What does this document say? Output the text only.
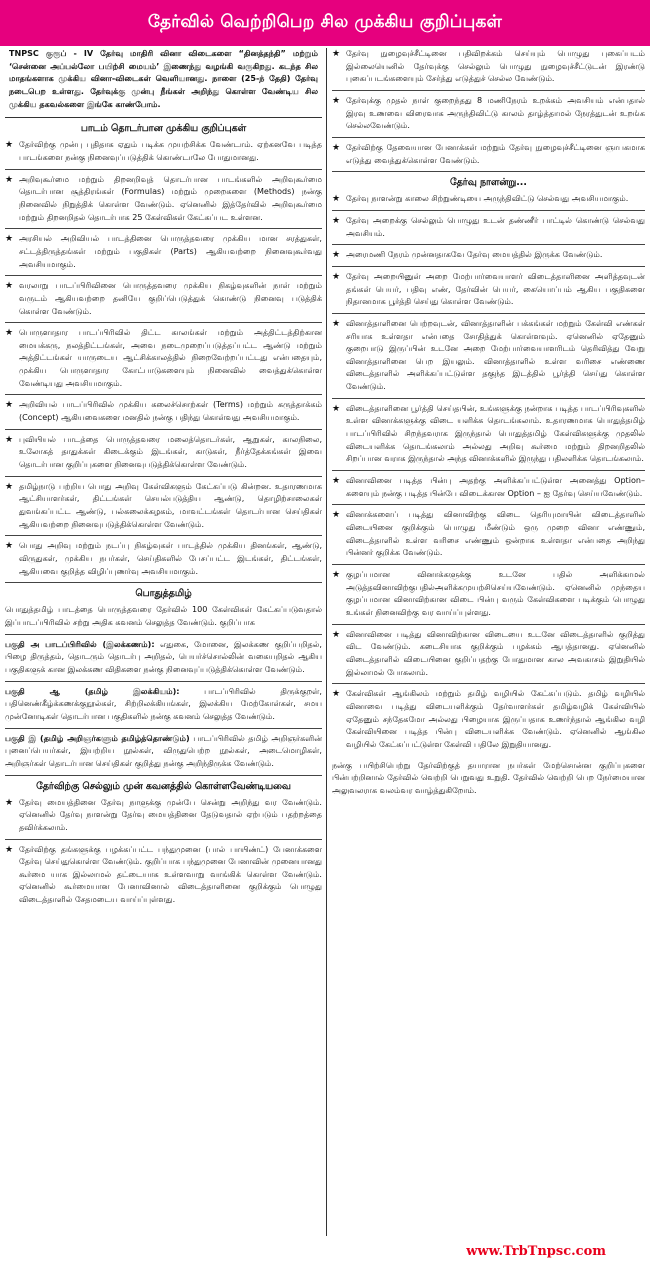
தேர்வில் வெற்றிபெற சில முக்கிய குறிப்புகள்
TNPSC குரூப் - IV தேர்வு மாதிரி வினா விடைகளை “தினத்தந்தி” மற்றும் ‘சென்னை அப்பல்லோ பயிற்சி மையம்’ இணைந்து வழங்கி வருகிறது. கடந்த சில மாதங்களாக முக்கிய வினா-விடைகள் வெளியானது. நாளை (25-ந் தேதி) தேர்வு நடைபெற உள்ளது. தேர்வுக்கு முன்பு நீங்கள் அறிந்து கொள்ள வேண்டிய சில முக்கிய தகவல்களை இங்கே காண்போம்.
பாடம் தொடர்பான முக்கிய குறிப்புகள்
★ தேர்விற்கு முன்பு புதிதாக ஏதும் படிக்க முயற்சிக்க வேண்டாம். ஏற்கனவே படித்த பாடங்களை நன்கு நினைவுப்படுத்திக் கொண்டாலே போதுமானது.
★ அறிவுகூர்மை மற்றும் திறனறிவுத் தொடர்பான பாடங்களில் அறிவுகூர்மை தொடர்பான சூத்திரங்கள் (Formulas) மற்றும் முறைகளை (Methods) நன்கு நினைவில் நிறுத்திக் கொள்ள வேண்டும். ஏனெனில் இத்தேர்வில் அறிவுகூர்மை மற்றும் திறனறிதல் தொடர்பாக 25 கேள்விகள் கேட்கப்பட உள்ளன.
★ அரசியல் அறிவியல் பாடத்தினை பொருத்தவரை முக்கிய மான சரத்துகள், சட்டத்திருத்தங்கள் மற்றும் பகுதிகள் (Parts) ஆகியவற்றை நினைவுகூர்வது அவசியமாகும்.
★ வரலாறு பாடப்பிரிவினை பொருத்தவரை முக்கிய நிகழ்வுகளின் நாள் மற்றும் வருடம் ஆகியவற்றை தனியே குறிப்பெடுத்துக் கொண்டு நினைவு படுத்திக் கொள்ள வேண்டும்.
★ பொருளாதார பாடப்பிரிவில் திட்ட காலங்கள் மற்றும் அத்திட்டத்திற்கான மையக்கரு, நலத்திட்டங்கள், அவை நடைமுறைப்படுத்தப்பட்ட ஆண்டு மற்றும் அத்திட்டங்கள் யாருடைய ஆட்சிக்காலத்தில் நிறைவேற்றப்பட்டது என்பதையும், முக்கிய பொருளாதார கோட்பாடுகளையும் நினைவில் வைத்துக்கொள்ள வேண்டியது அவசியமாகும்.
★ அறிவியல் பாடப்பிரிவில் முக்கிய கலைச்சொற்கள் (Terms) மற்றும் கருத்தாக்கம் (Concept) ஆகியவைகளை மனதில் நன்கு பதிந்து கொள்வது அவசியமாகும்.
★ புவியியல் பாடத்தை பொருத்தவரை மலைத்தொடர்கள், ஆறுகள், காலநிலை, உலோகத் தாதுக்கள் கிடைக்கும் இடங்கள், காடுகள், நீர்த்தேக்கங்கள் இவை தொடர்பான குறிப்புகளை நினைவுபடுத்திக்கொள்ள வேண்டும்.
★ தமிழ்நாடு பற்றிய பொது அறிவு கேள்விகளும் கேட்கப்படு கின்றன. உதாரணமாக ஆட்சியாளர்கள், திட்டங்கள் செயல்படுத்திய ஆண்டு, தொழிற்சாலைகள் துவங்கப்பட்ட ஆண்டு, பல்கலைக்கழகம், மாவட்டங்கள் தொடர்பான செய்திகள் ஆகியவற்றை நினைவுபடுத்திக்கொள்ள வேண்டும்.
★ பொது அறிவு மற்றும் நடப்பு நிகழ்வுகள் பாடத்தில் முக்கிய தினங்கள், ஆண்டு, விருதுகள், முக்கிய நபர்கள், செய்திகளில் பேசப்பட்ட இடங்கள், திட்டங்கள், ஆகியவை குறித்த விழிப்புணர்வு அவசியமாகும்.
பொதுத்தமிழ்
பொதுத்தமிழ் பாடத்தை பொருத்தவரை தேர்வில் 100 கேள்விகள் கேட்கப்படுவதால் இப்பாடப்பிரிவில் சற்று அதிக கவனம் செலுத்த வேண்டும். குறிப்பாக
பகுதி அ பாடப்பிரிவில் (இலக்கணம்): எதுகை, மோனை, இலக்கண குறிப்பறிதல், பிழை திருத்தம், தொடரும் தொடர்பு அறிதல், பெயர்ச்சொல்லின் வகையறிதல் ஆகிய பகுதிகளுக் கான இலக்கண விதிகளை நன்கு நினைவுப்படுத்திக்கொள்ள வேண்டும்.
பகுதி ஆ (தமிழ் இலக்கியம்):	பாடப்பிரிவில் திருக்குறள், பதினெண்கீழ்க்கணக்குநூல்கள், சிற்றிலக்கியங்கள், இலக்கிய மேற்கோள்கள், சமய முன்னோடிகள் தொடர்பான பகுதிகளில் நன்கு கவனம் செலுத்த வேண்டும்.
பகுதி இ (தமிழ் அறிஞர்களும் தமிழ்த்தொண்டும்) பாடப்பிரிவில் தமிழ் அறிஞர்களின் புனைப்பெயர்கள், இயற்றிய நூல்கள், விருதுபெற்ற நூல்கள், அடைமொழிகள், அறிஞர்கள் தொடர்பான செய்திகள் குறித்து நன்கு அறிந்திருக்க வேண்டும்.
தேர்விற்கு செல்லும் முன் கவனத்தில் கொள்ளவேண்டியவை
★ தேர்வு மையத்தினை தேர்வு நாளுக்கு முன்பே சென்று அறிந்து வர வேண்டும். ஏனெனில் தேர்வு நாளன்று தேர்வு மையத்தினை தேடுவதால் ஏற்படும் பதற்றத்தை தவிர்க்கலாம்.
★ தேர்விற்கு தங்களுக்கு பழக்கப்பட்ட பந்துமுனை (பால் பாயிண்ட்) பேனாக்களை தேர்வு செய்துகொள்ள வேண்டும். குறிப்பாக பந்துமுனை பேனாவின் முனையானது கூர்மை யாக இல்லாமல் தட்டையாக உள்ளவாறு வாங்கிக் கொள்ள வேண்டும். ஏனெனில் கூர்மையான பேனாவினால் விடைத்தாளினை குறிக்கும் பொழுது விடைத்தாளில் சேதமடைய வாய்ப்புள்ளது.
★ தேர்வு நுழைவுச்சீட்டினை பதிவிறக்கம் செய்யும் பொழுது புகைப்படம் இல்லையெனில் தேர்வுக்கு செல்லும் பொழுது நுழைவுச்சீட்டுடன் இரண்டு புகைப்படங்களையும் சேர்த்து எடுத்துச் செல்ல வேண்டும்.
★ தேர்வுக்கு முதல் நாள் குறைந்தது 8 மணிநேரம் உறக்கம் அவசியம் என்பதால் இரவு உணவை விரைவாக அருந்திவிட்டு காலம் தாழ்த்தாமல் நேரத்துடன் உறங்க செல்லவேண்டும்.
★ தேர்விற்கு தேவையான பேனாக்கள் மற்றும் தேர்வு நுழைவுச்சீட்டினை ஞாபகமாக எடுத்து வைத்துக்கொள்ள வேண்டும்.
தேர்வு நாளன்று...
★ தேர்வு நாளன்று காலை சிற்றுண்டியை அருந்திவிட்டு செல்வது அவசியமாகும்.
★ தேர்வு அறைக்கு செல்லும் பொழுது உடன் தண்ணீர் பாட்டில் கொண்டு செல்வது அவசியம்.
★ அரைமணி நேரம் முன்னதாகவே தேர்வு மையத்தில் இருக்க வேண்டும்.
★ தேர்வு அறையினுள் அறை மேற்பார்வையாளர் விடைத்தாளினை அளித்தவுடன் தங்கள் பெயர், பதிவு எண், தேர்வின் பெயர், கையொப்பம் ஆகிய பகுதிகளை நிதானமாக பூர்த்தி செய்து கொள்ள வேண்டும்.
★ வினாத்தாளினை பெற்றவுடன், வினாத்தாளின் பக்கங்கள் மற்றும் கேள்வி எண்கள் சரியாக உள்ளதா என்பதை சோதித்துக் கொள்ளவும். ஏனெனில் ஏதேனும் குறைபாடு இருப்பின் உடனே அறை மேற்பார்வையாளரிடம் தெரிவித்து வேறு வினாத்தாளினை பெற இயலும். வினாத்தாளில் உள்ள வரிசை எண்ணை விடைத்தாளில் அளிக்கப்பட்டுள்ள தகுந்த இடத்தில் பூர்த்தி செய்து கொள்ள வேண்டும்.
★ விடைத்தாளினை பூர்த்தி செய்தபின், உங்களுக்கு நன்றாக படித்த பாடப்பிரிவுகளில் உள்ள வினாக்களுக்கு விடை யளிக்க தொடங்கலாம். உதாரணமாக பொதுத்தமிழ் பாடப்பிரிவில் சிறந்தவராக இருந்தால் பொதுத்தமிழ் கேள்விகளுக்கு முதலில் விடையளிக்க தொடங்கலாம் அல்லது அறிவு கூர்மை மற்றும் திறனறிதலில் சிறப்பான வராக இருந்தால் அந்த வினாக்களில் இருந்து பதிலளிக்க தொடங்கலாம்.
★ வினாவினை படித்த பின்பு அதற்கு அளிக்கப்பட்டுள்ள அனைத்து Option–களையும் நன்கு படித்த பின்பே விடைக்கான Option – ஐ தேர்வு செய்யவேண்டும்.
★ வினாக்களைப் படித்து வினாவிற்கு விடை தெரியுமாயின் விடைத்தாளில் விடையினை குறிக்கும் பொழுது மீண்டும் ஒரு முறை வினா எண்ணும், விடைத்தாளில் உள்ள வரிசை எண்ணும் ஒன்றாக உள்ளதா என்பதை அறிந்து பின்னர் குறிக்க வேண்டும்.
★ குழப்பமான வினாக்களுக்கு உடனே பதில் அளிக்காமல் அடுத்தவினாவிற்குபதில்அளிக்கமுயற்சிசெய்யவேண்டும். ஏனெனில் முந்தைய குழப்பமான வினாவிற்கான விடை பின்பு வரும் கேள்விகளை படிக்கும் பொழுது உங்கள் நினைவிற்கு வர வாய்ப்புள்ளது.
★ வினாவினை படித்து வினாவிற்கான விடையை உடனே விடைத்தாளில் குறித்து விட வேண்டும். கடைசியாக குறிக்கும் பழக்கம் ஆபத்தானது. ஏனெனில் விடைத்தாளில் விடையினை குறிப்பதற்கு போதுமான கால அவகாசம் இறுதியில் இல்லாமல் போகலாம்.
★ கேள்விகள் ஆங்கிலம் மற்றும் தமிழ் வழியில் கேட்கப்படும். தமிழ் வழியில் வினாவை படித்து விடையளிக்கும் தேர்வாளர்கள் தமிழ்வழிக் கேள்வியில் ஏதேனும் சந்தேகமோ அல்லது பிழையாக இருப்பதாக உணர்ந்தால் ஆங்கில வழி கேள்வியினை படித்த பின்பு விடையளிக்க வேண்டும். ஏனெனில் ஆங்கில வழியில் கேட்கப்பட்டுள்ள கேள்வி பதிலே இறுதியானது.
நன்கு பயிற்சிபெற்று தேர்விற்குத் தயாரான நபர்கள் மேற்சொன்ன குறிப்புகளை பின்பற்றினால் தேர்வில் வெற்றி பெறுவது உறுதி. தேர்வில் வெற்றி பெற நேர்மையான அலுவலராக வலம்வர வாழ்த்துகிறோம்.
www.TrbTnpsc.com
